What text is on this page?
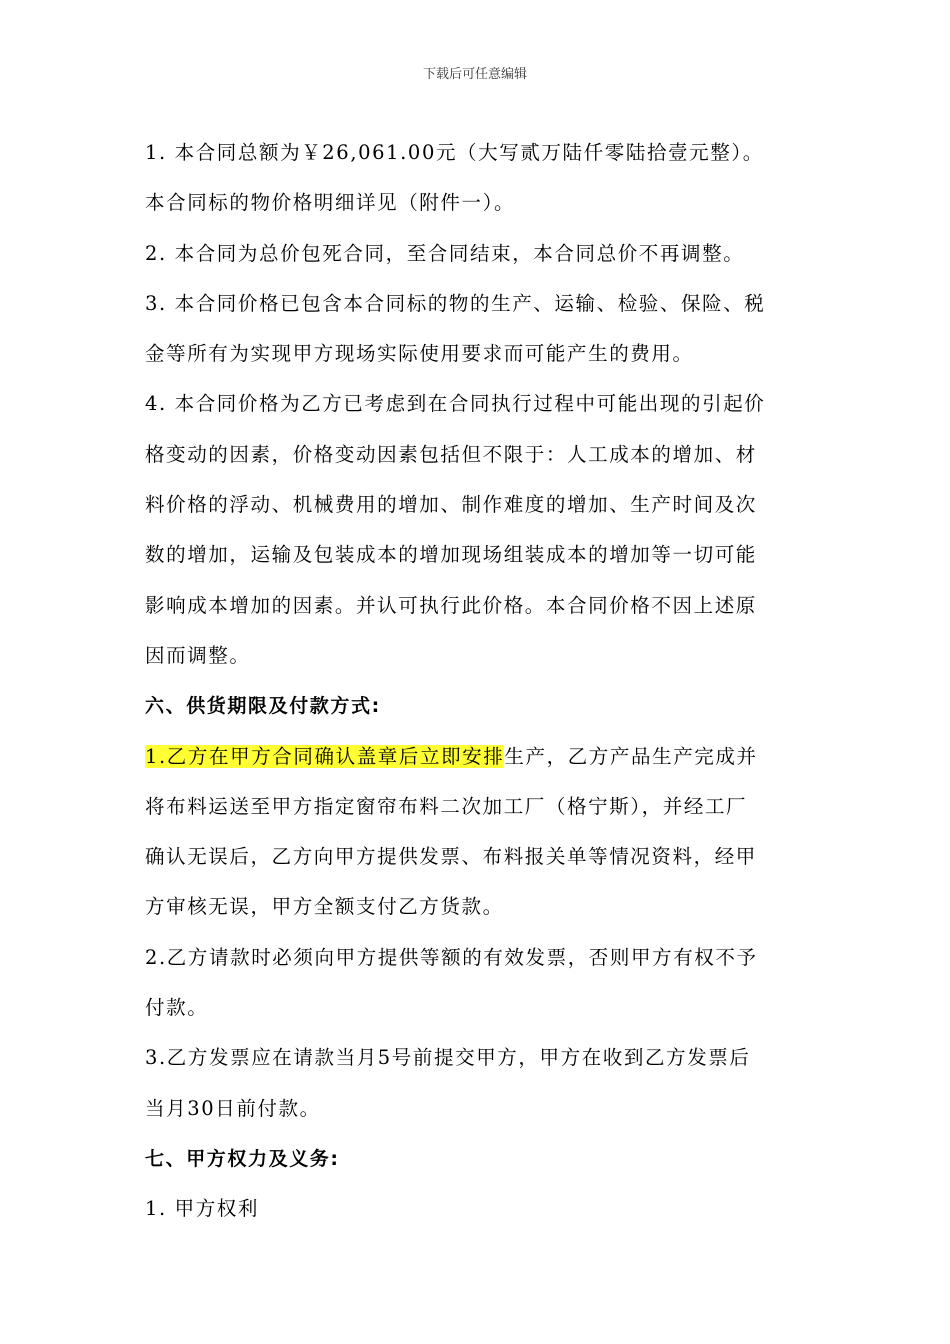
下载后可任意编辑
1. 本合同总额为￥26,061.00元（大写贰万陆仟零陆拾壹元整）。
本合同标的物价格明细详见（附件一）。
2. 本合同为总价包死合同，至合同结束，本合同总价不再调整。
3. 本合同价格已包含本合同标的物的生产、运输、检验、保险、税
金等所有为实现甲方现场实际使用要求而可能产生的费用。
4. 本合同价格为乙方已考虑到在合同执行过程中可能出现的引起价
格变动的因素，价格变动因素包括但不限于：人工成本的增加、材
料价格的浮动、机械费用的增加、制作难度的增加、生产时间及次
数的增加，运输及包装成本的增加现场组装成本的增加等一切可能
影响成本增加的因素。并认可执行此价格。本合同价格不因上述原
因而调整。
六、供货期限及付款方式:
1.乙方在甲方合同确认盖章后立即安排生产，乙方产品生产完成并
将布料运送至甲方指定窗帘布料二次加工厂（格宁斯），并经工厂
确认无误后，乙方向甲方提供发票、布料报关单等情况资料，经甲
方审核无误，甲方全额支付乙方货款。
2.乙方请款时必须向甲方提供等额的有效发票，否则甲方有权不予
付款。
3.乙方发票应在请款当月5号前提交甲方，甲方在收到乙方发票后
当月30日前付款。
七、甲方权力及义务:
1. 甲方权利
